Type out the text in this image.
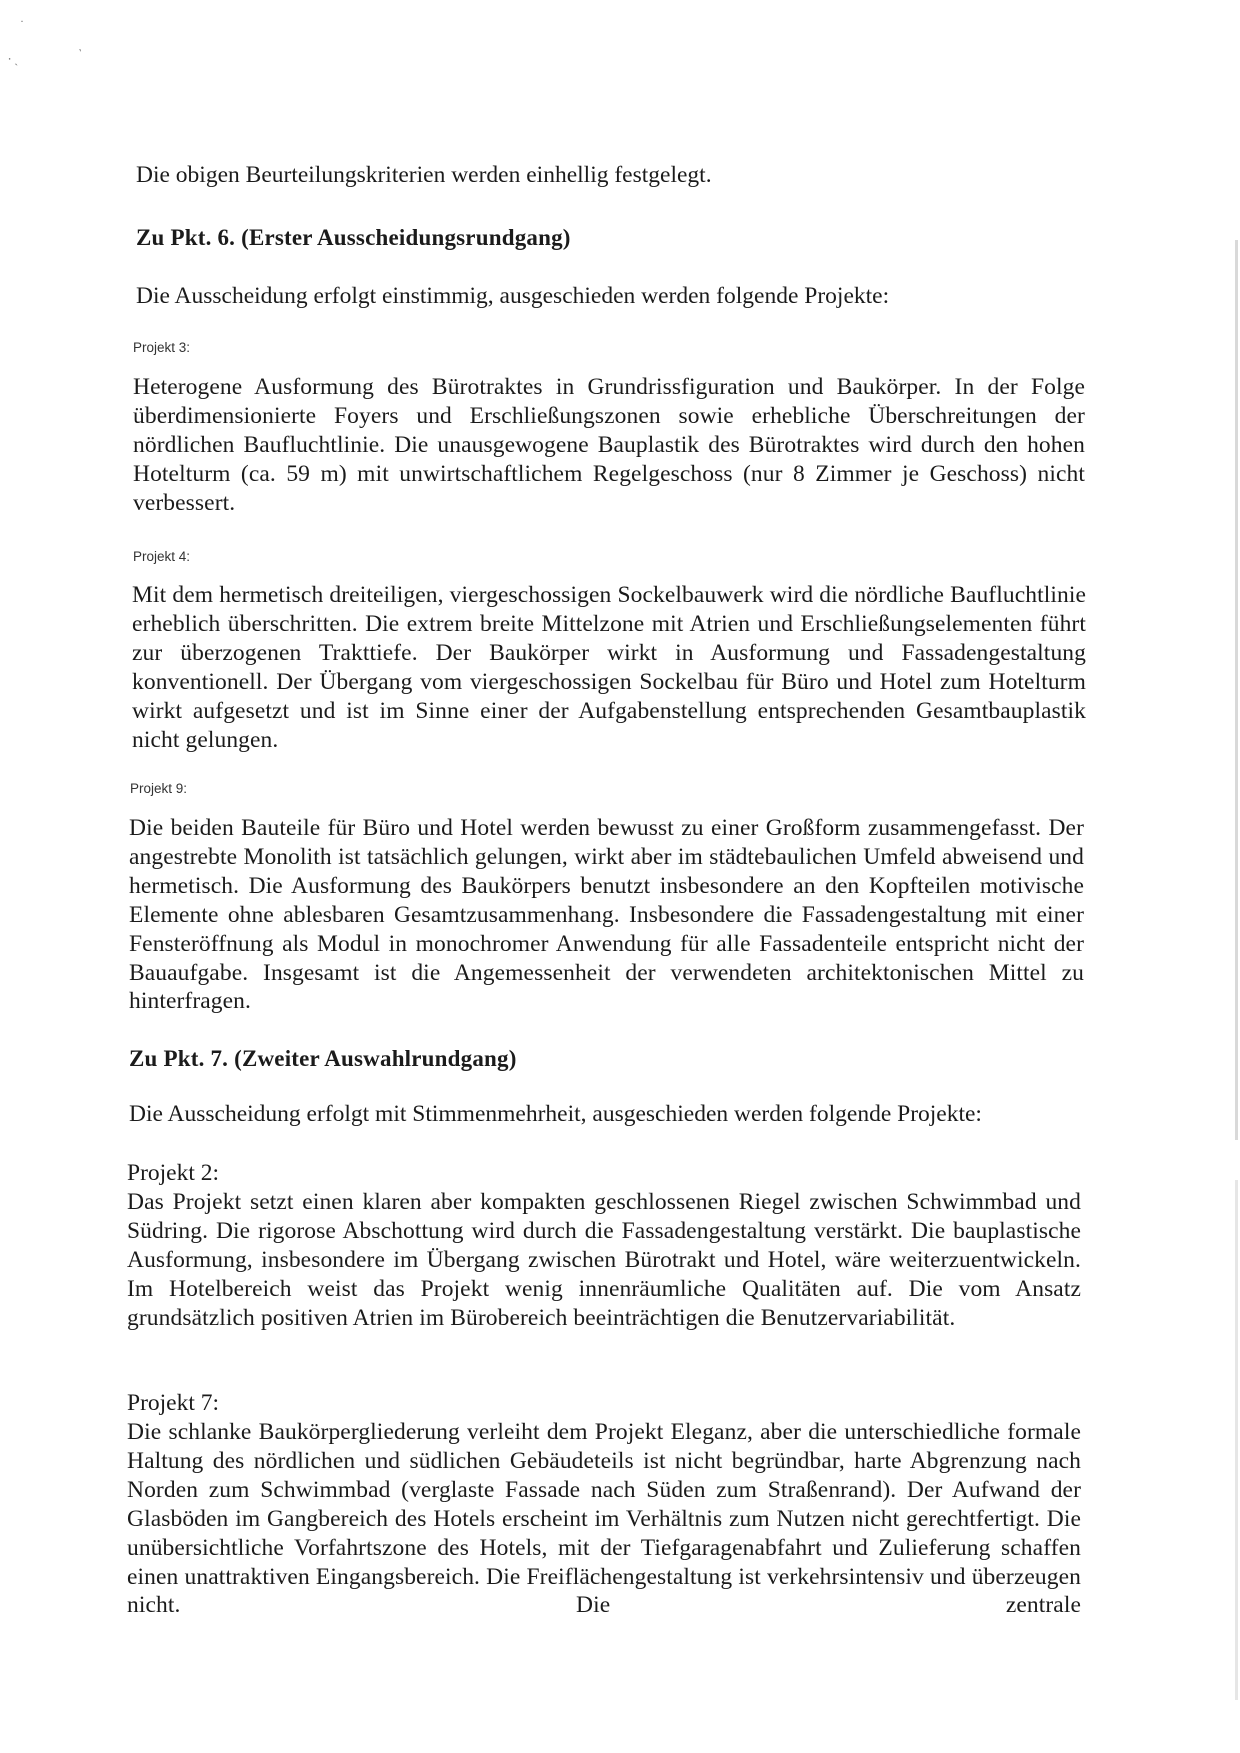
·
⸱ ˎ	˺

Die obigen Beurteilungskriterien werden einhellig festgelegt.

Zu Pkt. 6. (Erster Ausscheidungsrundgang)

Die Ausscheidung erfolgt einstimmig, ausgeschieden werden folgende Projekte:

Projekt 3:

Heterogene Ausformung des Bürotraktes in Grundrissfiguration und Baukörper. In der Folge überdimensionierte Foyers und Erschließungszonen sowie erhebliche Überschreitungen der nördlichen Baufluchtlinie. Die unausgewogene Bauplastik des Bürotraktes wird durch den hohen Hotelturm (ca. 59 m) mit unwirtschaftlichem Regelgeschoss (nur 8 Zimmer je Geschoss) nicht verbessert.

Projekt 4:

Mit dem hermetisch dreiteiligen, viergeschossigen Sockelbauwerk wird die nördliche Baufluchtlinie erheblich überschritten. Die extrem breite Mittelzone mit Atrien und Erschließungselementen führt zur überzogenen Trakttiefe. Der Baukörper wirkt in Ausformung und Fassadengestaltung konventionell. Der Übergang vom viergeschossigen Sockelbau für Büro und Hotel zum Hotelturm wirkt aufgesetzt und ist im Sinne einer der Aufgabenstellung entsprechenden Gesamtbauplastik nicht gelungen.

Projekt 9:

Die beiden Bauteile für Büro und Hotel werden bewusst zu einer Großform zusammengefasst. Der angestrebte Monolith ist tatsächlich gelungen, wirkt aber im städtebaulichen Umfeld abweisend und hermetisch. Die Ausformung des Baukörpers benutzt insbesondere an den Kopfteilen motivische Elemente ohne ablesbaren Gesamtzusammenhang. Insbesondere die Fassadengestaltung mit einer Fensteröffnung als Modul in monochromer Anwendung für alle Fassadenteile entspricht nicht der Bauaufgabe. Insgesamt ist die Angemessenheit der verwendeten architektonischen Mittel zu hinterfragen.

Zu Pkt. 7. (Zweiter Auswahlrundgang)

Die Ausscheidung erfolgt mit Stimmenmehrheit, ausgeschieden werden folgende Projekte:

Projekt 2:

Das Projekt setzt einen klaren aber kompakten geschlossenen Riegel zwischen Schwimmbad und Südring. Die rigorose Abschottung wird durch die Fassadengestaltung verstärkt. Die bauplastische Ausformung, insbesondere im Übergang zwischen Bürotrakt und Hotel, wäre weiterzuentwickeln. Im Hotelbereich weist das Projekt wenig innenräumliche Qualitäten auf. Die vom Ansatz grundsätzlich positiven Atrien im Bürobereich beeinträchtigen die Benutzervariabilität.

Projekt 7:

Die schlanke Baukörpergliederung verleiht dem Projekt Eleganz, aber die unterschiedliche formale Haltung des nördlichen und südlichen Gebäudeteils ist nicht begründbar, harte Abgrenzung nach Norden zum Schwimmbad (verglaste Fassade nach Süden zum Straßenrand). Der Aufwand der Glasböden im Gangbereich des Hotels erscheint im Verhältnis zum Nutzen nicht gerechtfertigt. Die unübersichtliche Vorfahrtszone des Hotels, mit der Tiefgaragenabfahrt und Zulieferung schaffen einen unattraktiven Eingangsbereich. Die Freiflächengestaltung ist verkehrsintensiv und überzeugen nicht. Die zentrale
